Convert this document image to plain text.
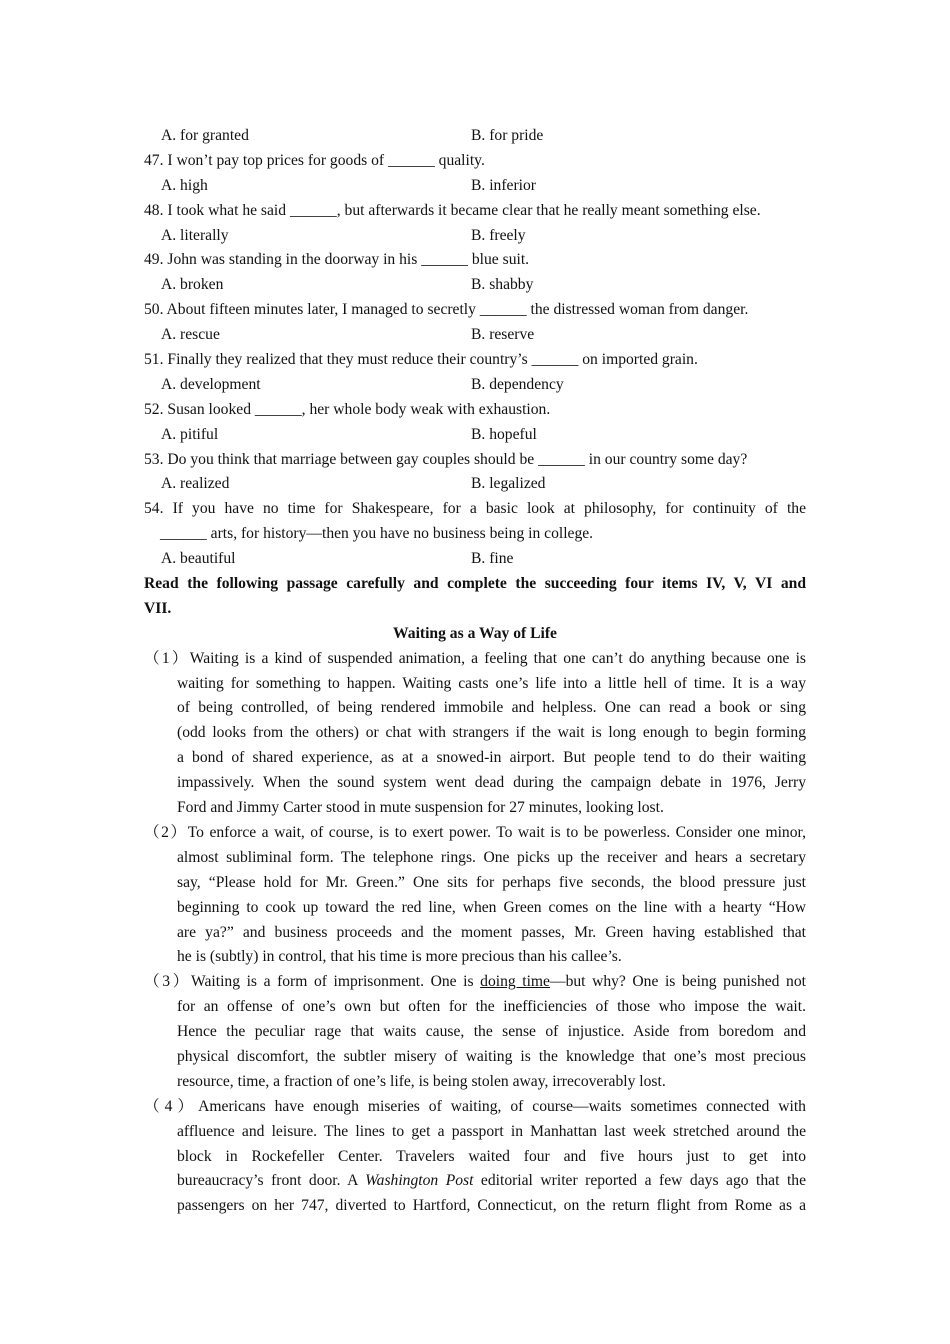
A. for granted	B. for pride
47. I won’t pay top prices for goods of ______ quality.
A. high	B. inferior
48. I took what he said ______, but afterwards it became clear that he really meant something else.
A. literally	B. freely
49. John was standing in the doorway in his ______ blue suit.
A. broken	B. shabby
50. About fifteen minutes later, I managed to secretly ______ the distressed woman from danger.
A. rescue	B. reserve
51. Finally they realized that they must reduce their country’s ______ on imported grain.
A. development	B. dependency
52. Susan looked ______, her whole body weak with exhaustion.
A. pitiful	B. hopeful
53. Do you think that marriage between gay couples should be ______ in our country some day?
A. realized	B. legalized
54. If you have no time for Shakespeare, for a basic look at philosophy, for continuity of the
______ arts, for history—then you have no business being in college.
A. beautiful	B. fine
Read the following passage carefully and complete the succeeding four items IV, V, VI and
VII.
Waiting as a Way of Life
（1）Waiting is a kind of suspended animation, a feeling that one can’t do anything because one is
waiting for something to happen. Waiting casts one’s life into a little hell of time. It is a way
of being controlled, of being rendered immobile and helpless. One can read a book or sing
(odd looks from the others) or chat with strangers if the wait is long enough to begin forming
a bond of shared experience, as at a snowed-in airport. But people tend to do their waiting
impassively. When the sound system went dead during the campaign debate in 1976, Jerry
Ford and Jimmy Carter stood in mute suspension for 27 minutes, looking lost.
（2）To enforce a wait, of course, is to exert power. To wait is to be powerless. Consider one minor,
almost subliminal form. The telephone rings. One picks up the receiver and hears a secretary
say, “Please hold for Mr. Green.” One sits for perhaps five seconds, the blood pressure just
beginning to cook up toward the red line, when Green comes on the line with a hearty “How
are ya?” and business proceeds and the moment passes, Mr. Green having established that
he is (subtly) in control, that his time is more precious than his callee’s.
（3）Waiting is a form of imprisonment. One is doing time—but why? One is being punished not
for an offense of one’s own but often for the inefficiencies of those who impose the wait.
Hence the peculiar rage that waits cause, the sense of injustice. Aside from boredom and
physical discomfort, the subtler misery of waiting is the knowledge that one’s most precious
resource, time, a fraction of one’s life, is being stolen away, irrecoverably lost.
（4）Americans have enough miseries of waiting, of course—waits sometimes connected with
affluence and leisure. The lines to get a passport in Manhattan last week stretched around the
block in Rockefeller Center. Travelers waited four and five hours just to get into
bureaucracy’s front door. A Washington Post editorial writer reported a few days ago that the
passengers on her 747, diverted to Hartford, Connecticut, on the return flight from Rome as a
